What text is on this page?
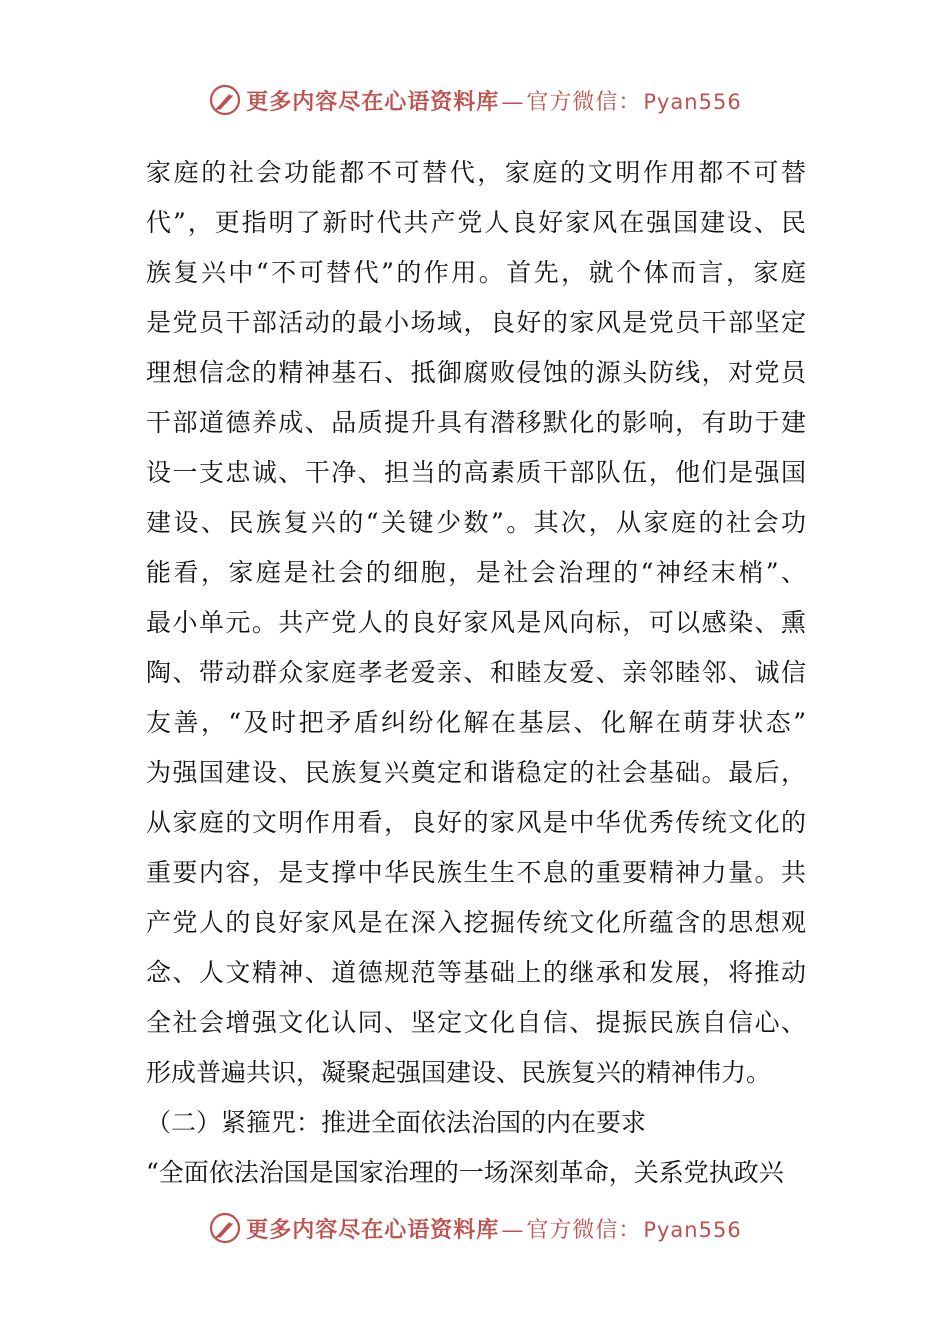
更多内容尽在心语资料库—官方微信：Pyan556
家庭的社会功能都不可替代，家庭的文明作用都不可替
代”，更指明了新时代共产党人良好家风在强国建设、民
族复兴中“不可替代”的作用。首先，就个体而言，家庭
是党员干部活动的最小场域，良好的家风是党员干部坚定
理想信念的精神基石、抵御腐败侵蚀的源头防线，对党员
干部道德养成、品质提升具有潜移默化的影响，有助于建
设一支忠诚、干净、担当的高素质干部队伍，他们是强国
建设、民族复兴的“关键少数”。其次，从家庭的社会功
能看，家庭是社会的细胞，是社会治理的“神经末梢”、
最小单元。共产党人的良好家风是风向标，可以感染、熏
陶、带动群众家庭孝老爱亲、和睦友爱、亲邻睦邻、诚信
友善，“及时把矛盾纠纷化解在基层、化解在萌芽状态”
为强国建设、民族复兴奠定和谐稳定的社会基础。最后，
从家庭的文明作用看，良好的家风是中华优秀传统文化的
重要内容，是支撑中华民族生生不息的重要精神力量。共
产党人的良好家风是在深入挖掘传统文化所蕴含的思想观
念、人文精神、道德规范等基础上的继承和发展，将推动
全社会增强文化认同、坚定文化自信、提振民族自信心、
形成普遍共识，凝聚起强国建设、民族复兴的精神伟力。
（二）紧箍咒：推进全面依法治国的内在要求
“全面依法治国是国家治理的一场深刻革命，关系党执政兴
更多内容尽在心语资料库—官方微信：Pyan556
